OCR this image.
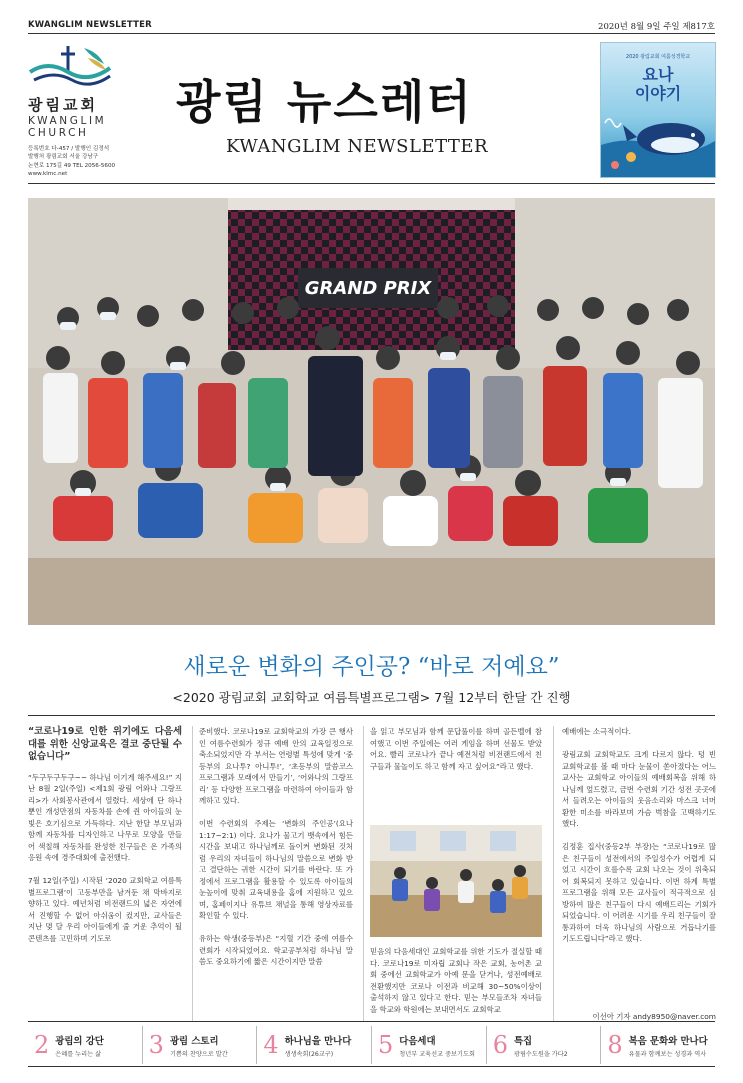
KWANGLIM NEWSLETTER	2020년 8월 9일 주일 제817호
광림교회
KWANGLIM
CHURCH
등록번호 다-457 / 발행인 김정석
발행처 광림교회 서울 강남구
논현로 175길 49 TEL 2056-5600
www.klmc.net
광림 뉴스레터
KWANGLIM NEWSLETTER
2020 광림교회 여름성경학교
요나
이야기
GRAND PRIX
새로운 변화의 주인공? “바로 저예요”
<2020 광림교회 교회학교 여름특별프로그램> 7월 12부터 한달 간 진행

“코로나19로 인한 위기에도 다음세대를 위한 신앙교육은 결코 중단될 수 없습니다”

“두구두구두구~~ 하나님 이기게 해주세요!” 지난 8월 2일(주일) <제1회 광림 어와나 그랑프리>가 사회봉사관에서 열렸다. 세상에 단 하나 뿐인 개성만점의 자동차를 손에 쥔 아이들의 눈빛은 호기심으로 가득하다. 지난 한달 부모님과 함께 자동차를 디자인하고 나무로 모양을 만들어 색칠해 자동차를 완성한 친구들은 온 가족의 응원 속에 경주대회에 출전했다.

7월 12일(주일) 시작된 ‘2020 교회학교 여름특별프로그램’이 고동부만을 남겨둔 채 막바지로 향하고 있다. 예년처럼 비전랜드의 넓은 자연에서 진행할 수 없어 아쉬움이 컸지만, 교사들은 지난 몇 달 우리 아이들에게 줄 거운 추억이 될 콘텐츠를 고민하며 기도로

준비했다. 코로나19로 교회학교의 가장 큰 행사인 여름수련회가 정규 예배 안의 교육일정으로 축소되었지만 각 부서는 연령별 특성에 맞게 ‘중등부의 요나투? 아니투!’, ‘초등부의 말씀코스 프로그램과 모래에서 만들기’, ‘어와나의 그랑프리’ 등 다양한 프로그램을 마련하여 아이들과 함께하고 있다.

이번 수련회의 주제는 ‘변화의 주인공’(요나 1:17~2:1) 이다. 요나가 물고기 뱃속에서 힘든 시간을 보내고 하나님께로 돌이켜 변화된 것처럼 우리의 자녀들이 하나님의 말씀으로 변화 받고 결단하는 귀한 시간이 되기를 바란다. 또 가정에서 프로그램을 활용할 수 있도록 아이들의 눈높이에 맞춰 교육내용을 홈에 지원하고 있으며, 홈페이지나 유튜브 채널을 통해 영상자료를 확인할 수 있다.

유하는 학생(중등부)은 “지혈 기간 중에 여름수련회가 시작되었어요. 학교공부처럼 하나님 말씀도 중요하기에 짧은 시간이지만 말씀

을 읽고 부모님과 함께 문답풀이를 하며 골든벨에 참여했고 이번 주일에는 여러 게임을 하며 선물도 받았어요. 빨리 코로나가 끝나 예전처럼 비전랜드에서 친구들과 물놀이도 하고 함께 자고 싶어요”라고 했다.

믿음의 다음세대인 교회학교를 위한 기도가 절실할 때다. 코로나19로 미자립 교회나 작은 교회, 농어촌 교회 중에선 교회학교가 아예 문을 닫거나, 성전예배로 전환했지만 코로나 이전과 비교해 30~50%이상이 출석하지 않고 있다고 한다. 믿는 부모들조차 자녀들을 학교와 학원에는 보내면서도 교회학교

예배에는 소극적이다.

광림교회 교회학교도 크게 다르지 않다. 텅 빈 교회학교를 볼 때 마다 눈물이 쏟아졌다는 어느 교사는 교회학교 아이들의 예배회복을 위해 하나님께 엎드렸고, 금번 수련회 기간 성전 곳곳에서 들려오는 아이들의 웃음소리와 마스크 너머 환한 미소를 바라보며 가슴 벅참을 고백하기도 했다.

김정훈 집사(중등2부 부장)는 “코로나19로 많은 친구들이 성전에서의 주일성수가 어렵게 되었고 시간이 흐를수록 교회 나오는 것이 위축되어 회복되지 못하고 있습니다. 이번 하계 특별 프로그램을 위해 모든 교사들이 적극적으로 심방하여 많은 친구들이 다시 예배드리는 기회가 되었습니다. 이 어려운 시기를 우리 친구들이 잘 통과하여 더욱 하나님의 사람으로 거듭나기를 기도드립니다”라고 했다.

이선아 기자 andy8950@naver.com
2 광림의 강단
은혜를 누리는 삶 3 광림 스토리
기쁨의 찬양으로 발간 4 하나님을 만나다
생생속회(26교구)	5 다음세대
청년부 교육선교 중보기도회 6 특집
광림수도원을 가다2 8 복음 문화와 만나다
유물과 함께보는 성경과 역사
